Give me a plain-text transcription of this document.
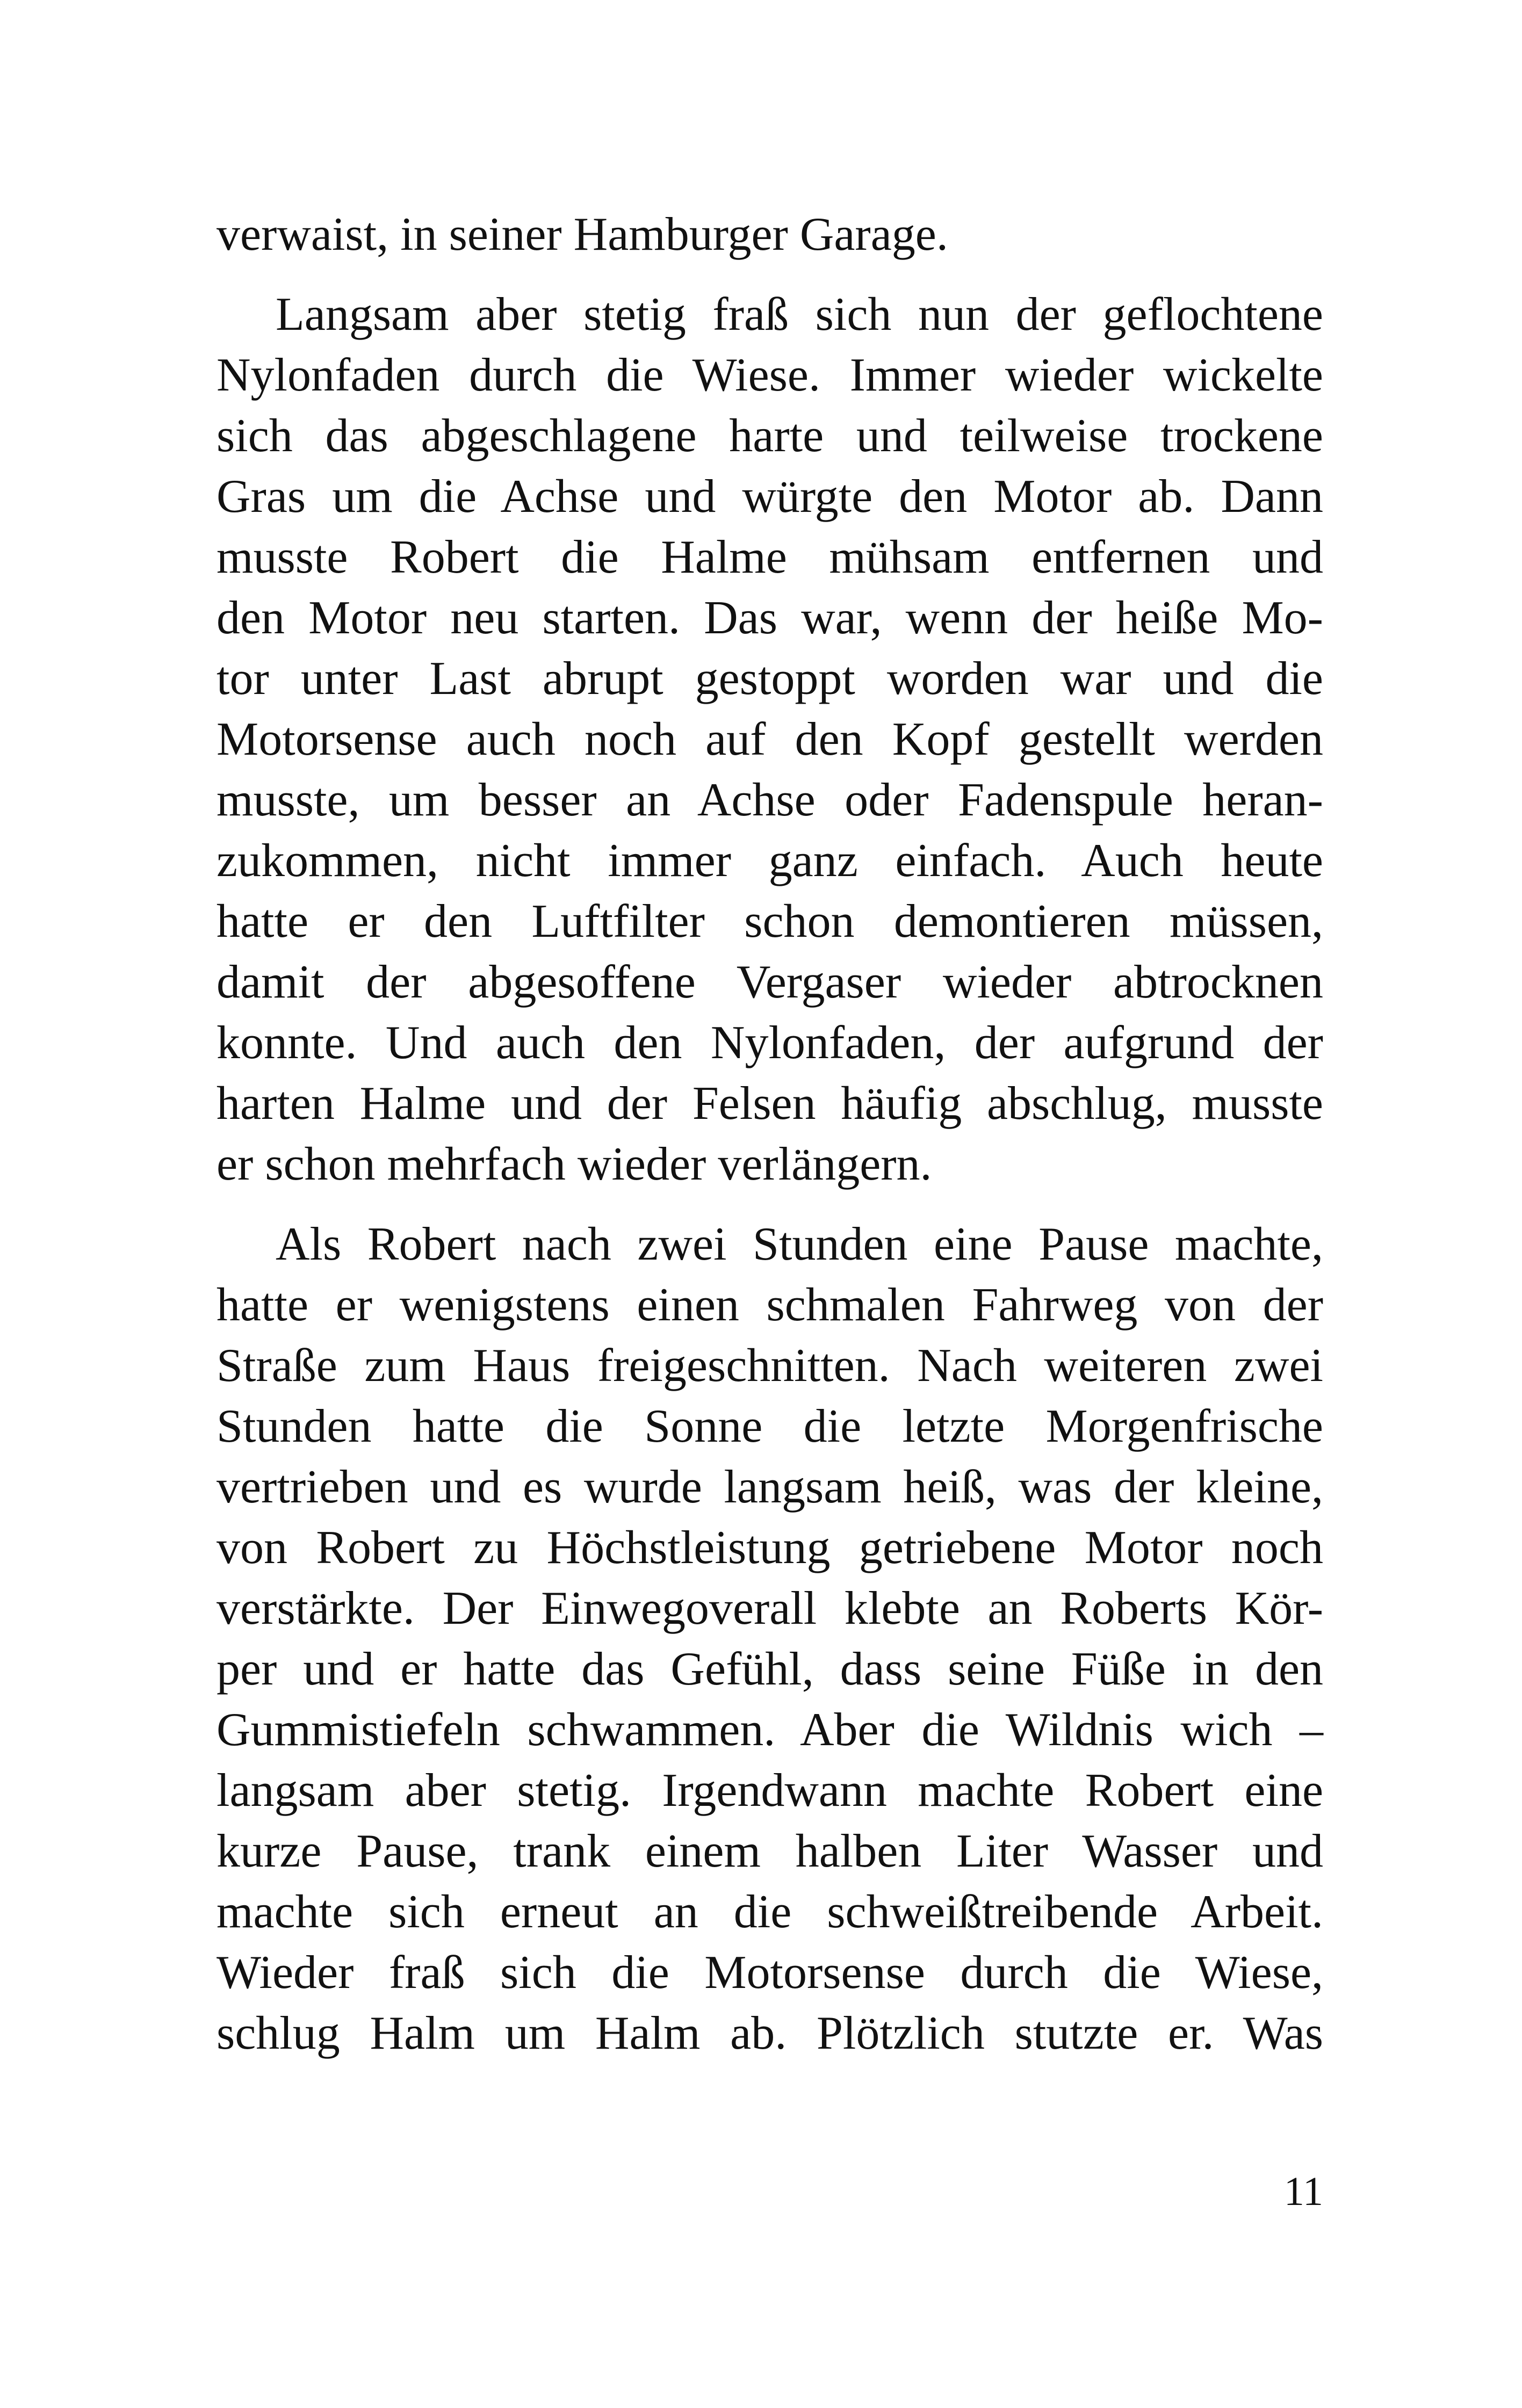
verwaist, in seiner Hamburger Garage.
Langsam aber stetig fraß sich nun der geflochtene
Nylonfaden durch die Wiese. Immer wieder wickelte
sich das abgeschlagene harte und teilweise trockene
Gras um die Achse und würgte den Motor ab. Dann
musste Robert die Halme mühsam entfernen und
den Motor neu starten. Das war, wenn der heiße Mo-
tor unter Last abrupt gestoppt worden war und die
Motorsense auch noch auf den Kopf gestellt werden
musste, um besser an Achse oder Fadenspule heran-
zukommen, nicht immer ganz einfach. Auch heute
hatte er den Luftfilter schon demontieren müssen,
damit der abgesoffene Vergaser wieder abtrocknen
konnte. Und auch den Nylonfaden, der aufgrund der
harten Halme und der Felsen häufig abschlug, musste
er schon mehrfach wieder verlängern.
Als Robert nach zwei Stunden eine Pause machte,
hatte er wenigstens einen schmalen Fahrweg von der
Straße zum Haus freigeschnitten. Nach weiteren zwei
Stunden hatte die Sonne die letzte Morgenfrische
vertrieben und es wurde langsam heiß, was der kleine,
von Robert zu Höchstleistung getriebene Motor noch
verstärkte. Der Einwegoverall klebte an Roberts Kör-
per und er hatte das Gefühl, dass seine Füße in den
Gummistiefeln schwammen. Aber die Wildnis wich –
langsam aber stetig. Irgendwann machte Robert eine
kurze Pause, trank einem halben Liter Wasser und
machte sich erneut an die schweißtreibende Arbeit.
Wieder fraß sich die Motorsense durch die Wiese,
schlug Halm um Halm ab. Plötzlich stutzte er. Was
11
